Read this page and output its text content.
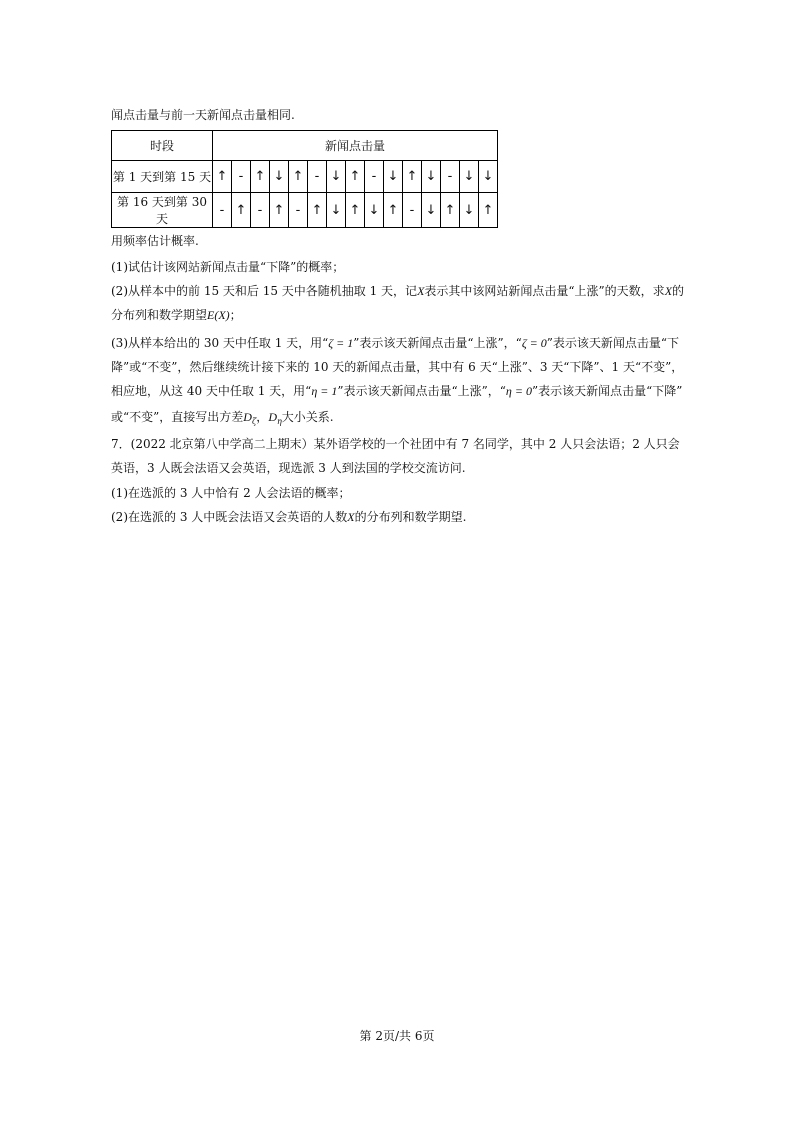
闻点击量与前一天新闻点击量相同.
时段	新闻点击量														
第 1 天到第 15 天	↑	-	↑	↓	↑	-	↓	↑	-	↓	↑	↓	-	↓	↓
第 16 天到第 30 天	-	↑	-	↑	-	↑	↓	↑	↓	↑	-	↓	↑	↓	↑
用频率估计概率.
(1)试估计该网站新闻点击量“下降”的概率；
(2)从样本中的前 15 天和后 15 天中各随机抽取 1 天，记X表示其中该网站新闻点击量“上涨”的天数，求X的
分布列和数学期望E(X)；
(3)从样本给出的 30 天中任取 1 天，用“ζ = 1”表示该天新闻点击量“上涨”，“ζ = 0”表示该天新闻点击量“下
降”或“不变”，然后继续统计接下来的 10 天的新闻点击量，其中有 6 天“上涨”、3 天“下降”、1 天“不变”，
相应地，从这 40 天中任取 1 天，用“η = 1”表示该天新闻点击量“上涨”，“η = 0”表示该天新闻点击量“下降”
或“不变”，直接写出方差$D_\zeta$，$D_\eta$大小关系.
7．(2022 北京第八中学高二上期末）某外语学校的一个社团中有 7 名同学，其中 2 人只会法语；2 人只会
英语，3 人既会法语又会英语，现选派 3 人到法国的学校交流访问.
(1)在选派的 3 人中恰有 2 人会法语的概率；
(2)在选派的 3 人中既会法语又会英语的人数X的分布列和数学期望.
第 2页/共 6页
